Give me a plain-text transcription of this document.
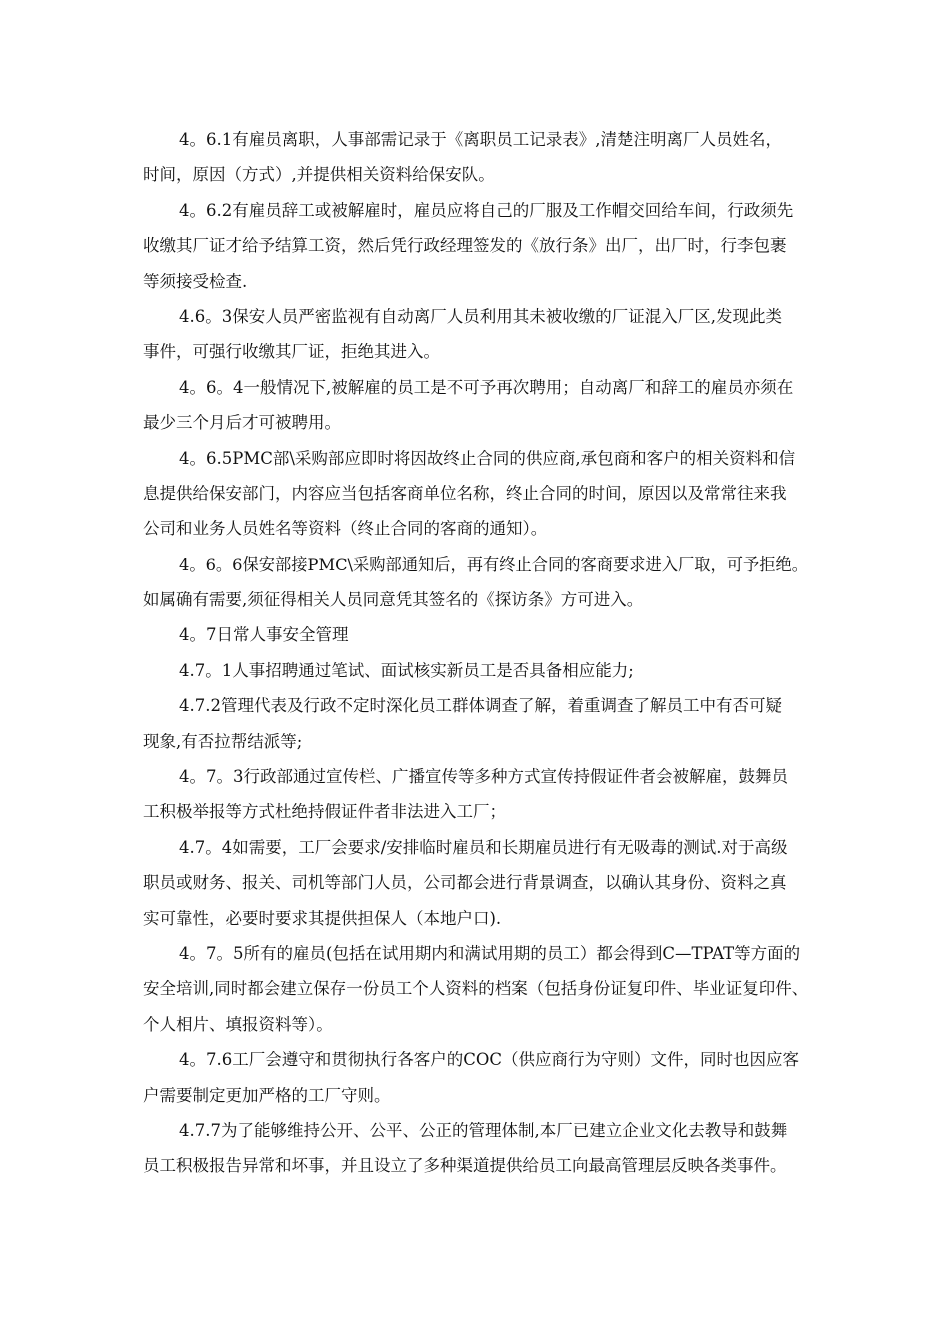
4。6.1有雇员离职，人事部需记录于《离职员工记录表》,清楚注明离厂人员姓名，
时间，原因（方式）,并提供相关资料给保安队。
4。6.2有雇员辞工或被解雇时，雇员应将自己的厂服及工作帽交回给车间，行政须先
收缴其厂证才给予结算工资，然后凭行政经理签发的《放行条》出厂，出厂时，行李包裹
等须接受检查.
4.6。3保安人员严密监视有自动离厂人员利用其未被收缴的厂证混入厂区,发现此类
事件，可强行收缴其厂证，拒绝其进入。
4。6。4一般情况下,被解雇的员工是不可予再次聘用；自动离厂和辞工的雇员亦须在
最少三个月后才可被聘用。
4。6.5PMC部\采购部应即时将因故终止合同的供应商,承包商和客户的相关资料和信
息提供给保安部门，内容应当包括客商单位名称，终止合同的时间，原因以及常常往来我
公司和业务人员姓名等资料（终止合同的客商的通知）。
4。6。6保安部接PMC\采购部通知后，再有终止合同的客商要求进入厂取，可予拒绝。
如属确有需要,须征得相关人员同意凭其签名的《探访条》方可进入。
4。7日常人事安全管理
4.7。1人事招聘通过笔试、面试核实新员工是否具备相应能力;
4.7.2管理代表及行政不定时深化员工群体调查了解，着重调查了解员工中有否可疑
现象,有否拉帮结派等;
4。7。3行政部通过宣传栏、广播宣传等多种方式宣传持假证件者会被解雇，鼓舞员
工积极举报等方式杜绝持假证件者非法进入工厂；
4.7。4如需要，工厂会要求/安排临时雇员和长期雇员进行有无吸毒的测试.对于高级
职员或财务、报关、司机等部门人员，公司都会进行背景调查，以确认其身份、资料之真
实可靠性，必要时要求其提供担保人（本地户口).
4。7。5所有的雇员(包括在试用期内和满试用期的员工）都会得到C—TPAT等方面的
安全培训,同时都会建立保存一份员工个人资料的档案（包括身份证复印件、毕业证复印件、
个人相片、填报资料等）。
4。7.6工厂会遵守和贯彻执行各客户的COC（供应商行为守则）文件，同时也因应客
户需要制定更加严格的工厂守则。
4.7.7为了能够维持公开、公平、公正的管理体制,本厂已建立企业文化去教导和鼓舞
员工积极报告异常和坏事，并且设立了多种渠道提供给员工向最高管理层反映各类事件。
